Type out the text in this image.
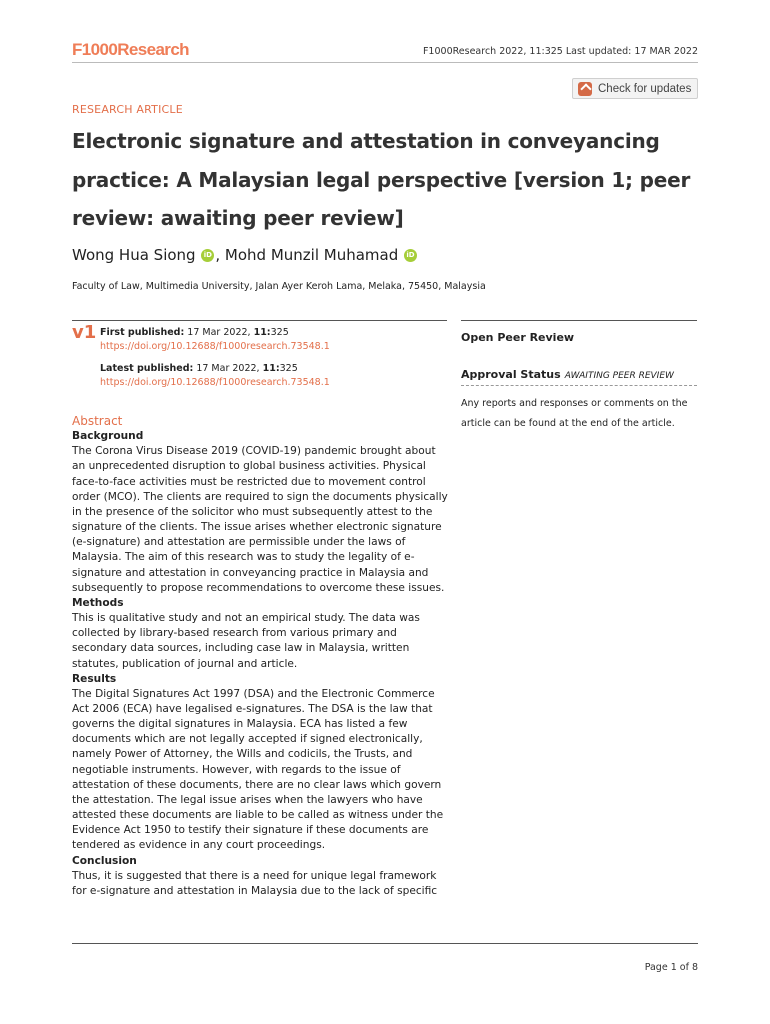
F1000Research	F1000Research 2022, 11:325 Last updated: 17 MAR 2022
Check for updates
RESEARCH ARTICLE
Electronic signature and attestation in conveyancing practice: A Malaysian legal perspective [version 1; peer review: awaiting peer review]
Wong Hua Siong iD , Mohd Munzil Muhamad iD
Faculty of Law, Multimedia University, Jalan Ayer Keroh Lama, Melaka, 75450, Malaysia
v1 First published: 17 Mar 2022, 11:325
https://doi.org/10.12688/f1000research.73548.1
Latest published: 17 Mar 2022, 11:325
https://doi.org/10.12688/f1000research.73548.1
Open Peer Review
Approval Status AWAITING PEER REVIEW
Any reports and responses or comments on the article can be found at the end of the article.
Abstract
Background

The Corona Virus Disease 2019 (COVID-19) pandemic brought about an unprecedented disruption to global business activities. Physical face-to-face activities must be restricted due to movement control order (MCO). The clients are required to sign the documents physically in the presence of the solicitor who must subsequently attest to the signature of the clients. The issue arises whether electronic signature (e-signature) and attestation are permissible under the laws of Malaysia. The aim of this research was to study the legality of e-signature and attestation in conveyancing practice in Malaysia and subsequently to propose recommendations to overcome these issues.

Methods

This is qualitative study and not an empirical study. The data was collected by library-based research from various primary and secondary data sources, including case law in Malaysia, written statutes, publication of journal and article.

Results

The Digital Signatures Act 1997 (DSA) and the Electronic Commerce Act 2006 (ECA) have legalised e-signatures. The DSA is the law that governs the digital signatures in Malaysia. ECA has listed a few documents which are not legally accepted if signed electronically, namely Power of Attorney, the Wills and codicils, the Trusts, and negotiable instruments. However, with regards to the issue of attestation of these documents, there are no clear laws which govern the attestation. The legal issue arises when the lawyers who have attested these documents are liable to be called as witness under the Evidence Act 1950 to testify their signature if these documents are tendered as evidence in any court proceedings.

Conclusion

Thus, it is suggested that there is a need for unique legal framework for e-signature and attestation in Malaysia due to the lack of specific

Page 1 of 8
